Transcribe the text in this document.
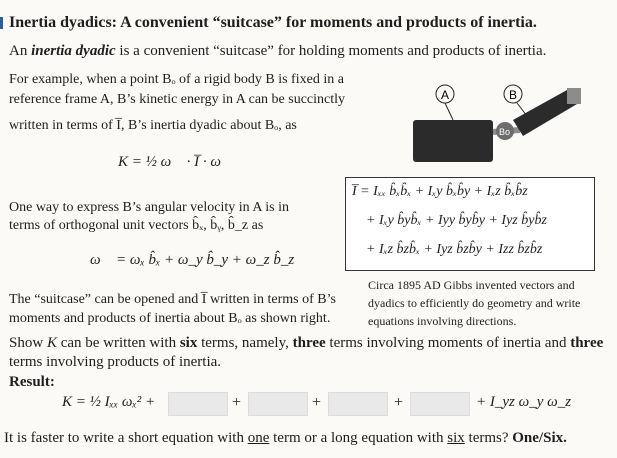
Inertia dyadics: A convenient “suitcase” for moments and products of inertia.
An inertia dyadic is a convenient “suitcase” for holding moments and products of inertia.
For example, when a point Bₒ of a rigid body B is fixed in a
reference frame A, B’s kinetic energy in A can be succinctly
written in terms of I̅, B’s inertia dyadic about Bₒ, as
K = ½ ω⃗ · I̅ · ω⃗
One way to express B’s angular velocity in A is in
terms of orthogonal unit vectors b̂ₓ, b̂ᵧ, b̂_z as
ω⃗ = ωₓ b̂ₓ + ω_y b̂_y + ω_z b̂_z
Bo
A	B
I̅ = Iₓₓ b̂ₓb̂ₓ + Iₓy b̂ₓb̂y + Iₓz b̂ₓb̂z
+ Iₓy b̂yb̂ₓ + Iyy b̂yb̂y + Iyz b̂yb̂z
+ Iₓz b̂zb̂ₓ + Iyz b̂zb̂y + Izz b̂zb̂z
Circa 1895 AD Gibbs invented vectors and
dyadics to efficiently do geometry and write
equations involving directions.
The “suitcase” can be opened and I̅ written in terms of B’s
moments and products of inertia about Bₒ as shown right.
Show K can be written with six terms, namely, three terms involving moments of inertia and three
terms involving products of inertia.
Result:
K = ½ Iₓₓ ωₓ² +	+	+	+	+ I_yz ω_y ω_z
It is faster to write a short equation with one term or a long equation with six terms? One/Six.
